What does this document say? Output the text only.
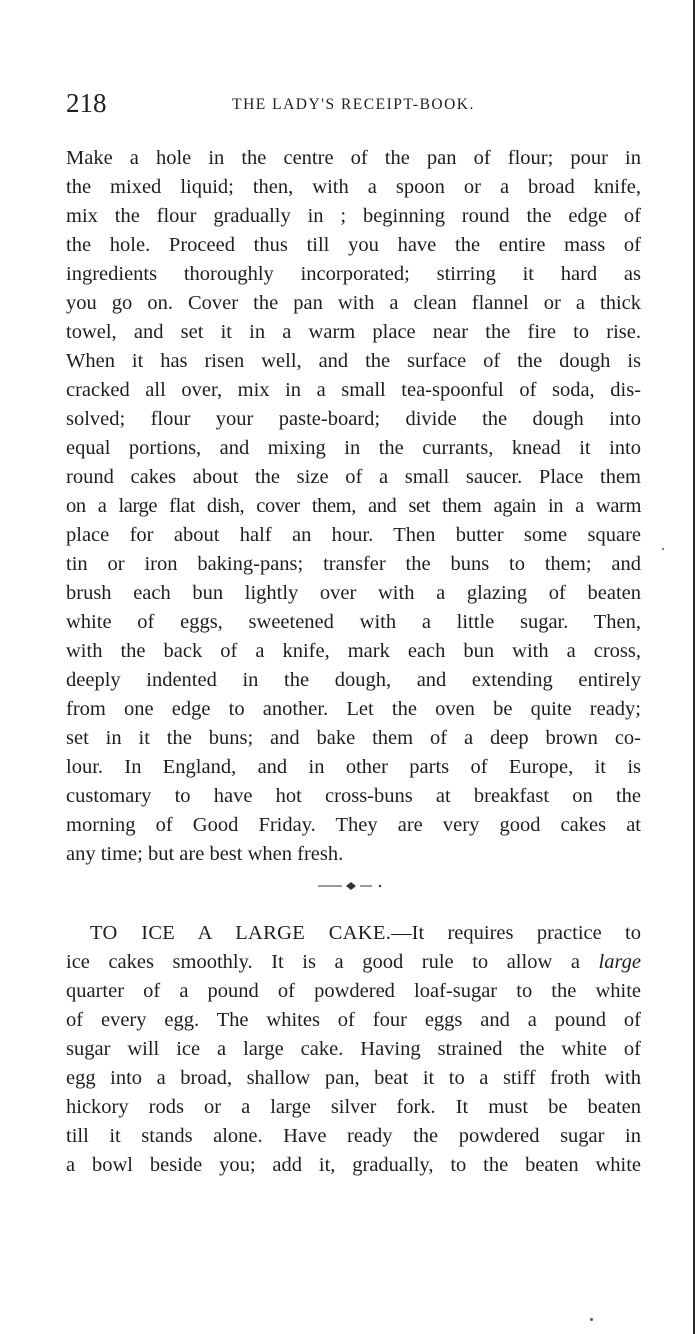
218	THE LADY'S RECEIPT-BOOK.
Make a hole in the centre of the pan of flour; pour in
the mixed liquid; then, with a spoon or a broad knife,
mix the flour gradually in ; beginning round the edge of
the hole. Proceed thus till you have the entire mass of
ingredients thoroughly incorporated; stirring it hard as
you go on. Cover the pan with a clean flannel or a thick
towel, and set it in a warm place near the fire to rise.
When it has risen well, and the surface of the dough is
cracked all over, mix in a small tea-spoonful of soda, dis-
solved; flour your paste-board; divide the dough into
equal portions, and mixing in the currants, knead it into
round cakes about the size of a small saucer. Place them
on a large flat dish, cover them, and set them again in a warm
place for about half an hour. Then butter some square
tin or iron baking-pans; transfer the buns to them; and
brush each bun lightly over with a glazing of beaten
white of eggs, sweetened with a little sugar. Then,
with the back of a knife, mark each bun with a cross,
deeply indented in the dough, and extending entirely
from one edge to another. Let the oven be quite ready;
set in it the buns; and bake them of a deep brown co-
lour. In England, and in other parts of Europe, it is
customary to have hot cross-buns at breakfast on the
morning of Good Friday. They are very good cakes at
any time; but are best when fresh.
TO ICE A LARGE CAKE.—It requires practice to
ice cakes smoothly. It is a good rule to allow a large
quarter of a pound of powdered loaf-sugar to the white
of every egg. The whites of four eggs and a pound of
sugar will ice a large cake. Having strained the white of
egg into a broad, shallow pan, beat it to a stiff froth with
hickory rods or a large silver fork. It must be beaten
till it stands alone. Have ready the powdered sugar in
a bowl beside you; add it, gradually, to the beaten white
